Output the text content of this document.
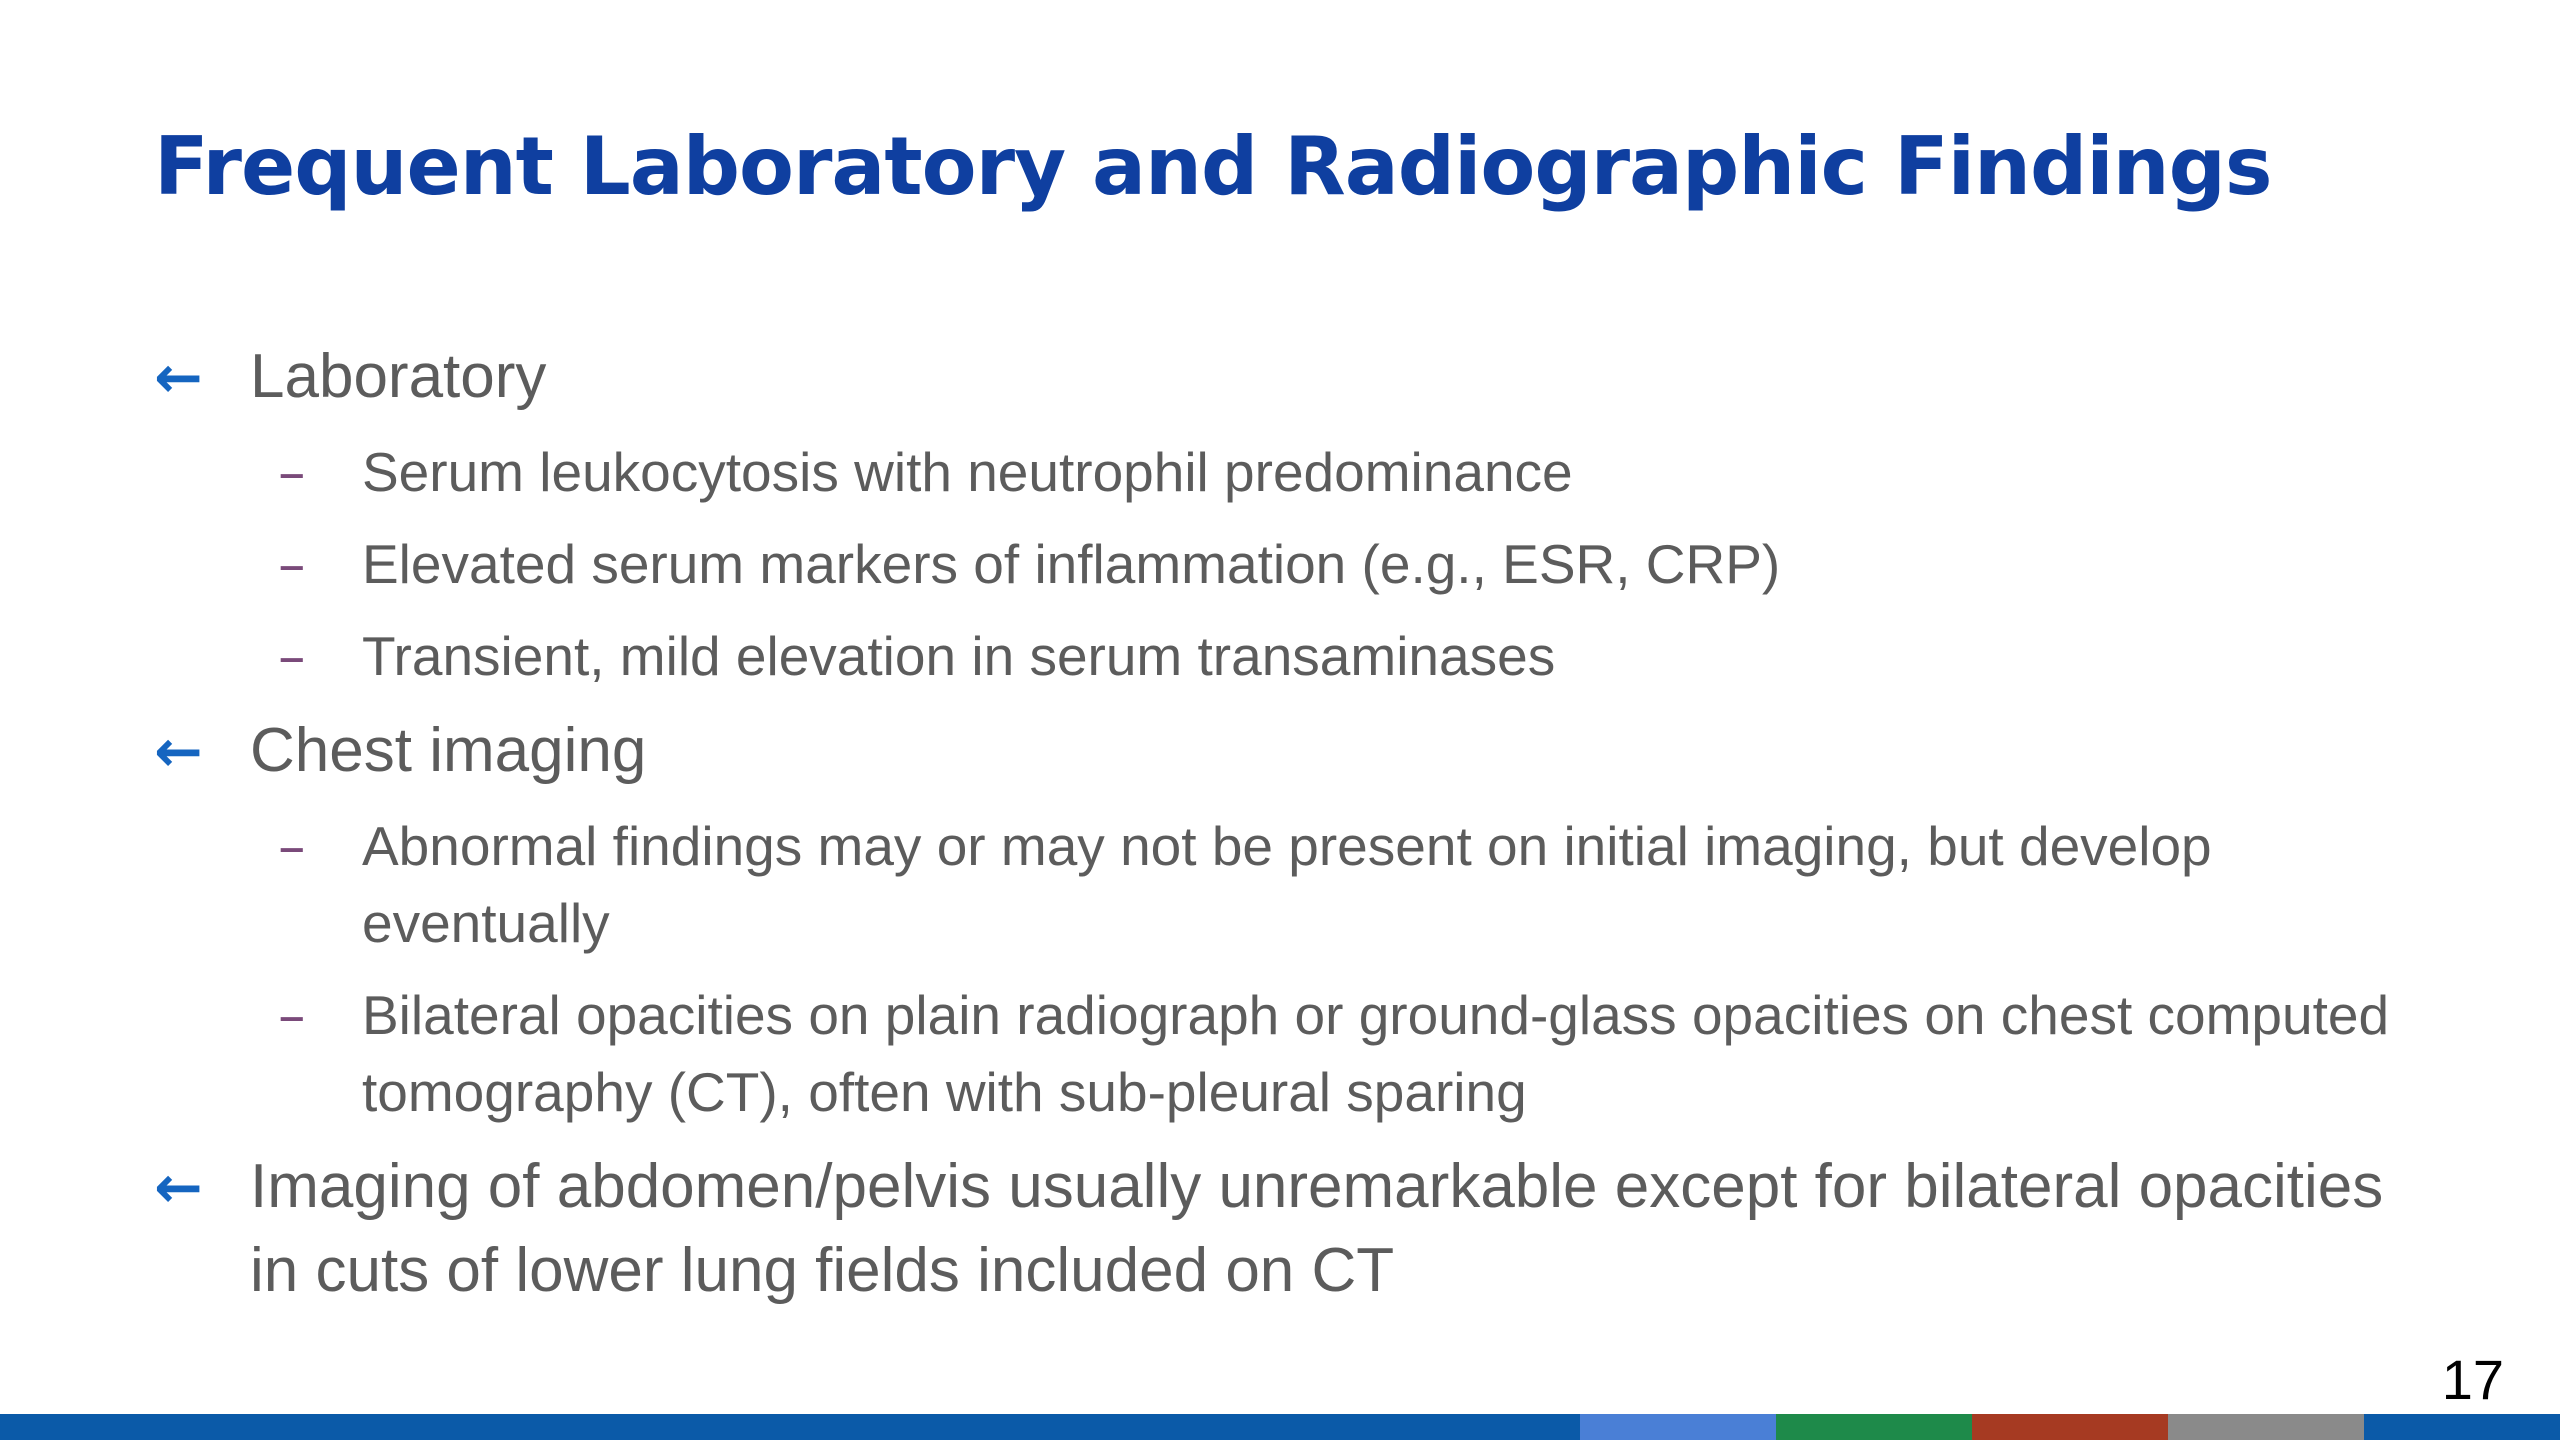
Frequent Laboratory and Radiographic Findings
← Laboratory
– Serum leukocytosis with neutrophil predominance
– Elevated serum markers of inflammation (e.g., ESR, CRP)
– Transient, mild elevation in serum transaminases
← Chest imaging
– Abnormal findings may or may not be present on initial imaging, but develop eventually
– Bilateral opacities on plain radiograph or ground-glass opacities on chest computed tomography (CT), often with sub-pleural sparing
← Imaging of abdomen/pelvis usually unremarkable except for bilateral opacities in cuts of lower lung fields included on CT
17
